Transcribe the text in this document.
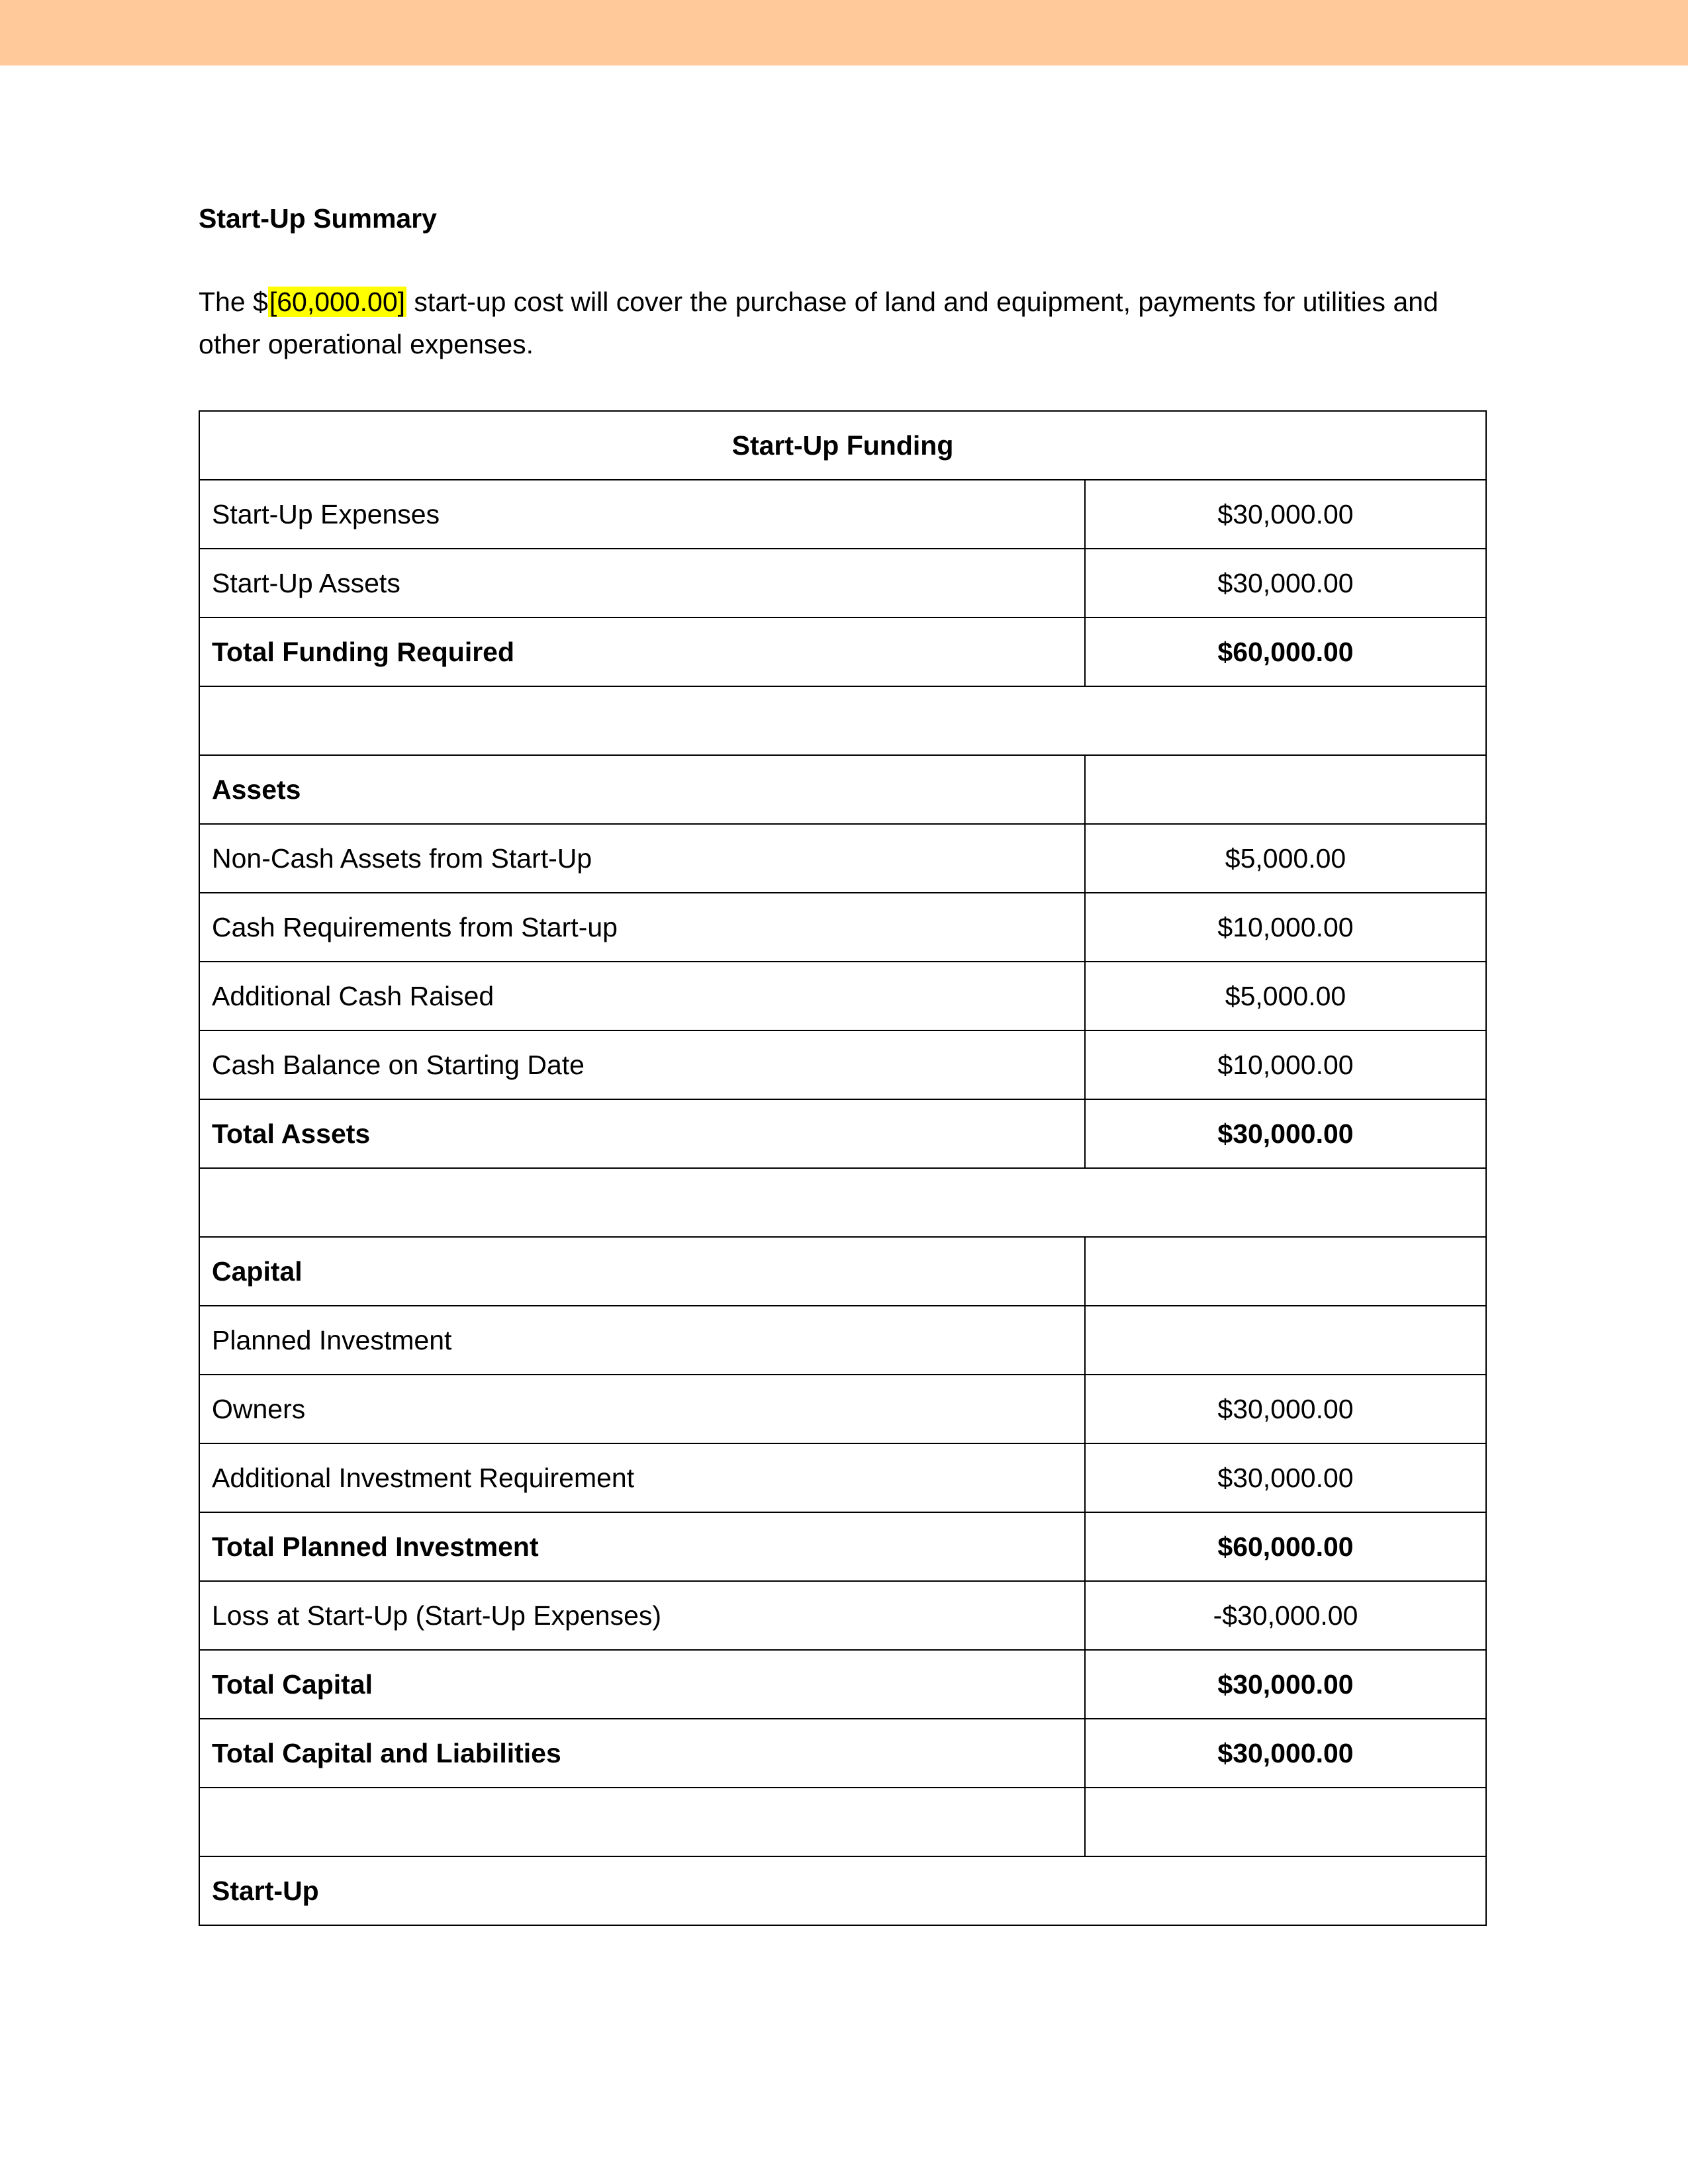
Start-Up Summary
The $[60,000.00] start-up cost will cover the purchase of land and equipment, payments for utilities and other operational expenses.
Start-Up Funding	
Start-Up Expenses	$30,000.00
Start-Up Assets	$30,000.00
Total Funding Required	$60,000.00

Assets	
Non-Cash Assets from Start-Up	$5,000.00
Cash Requirements from Start-up	$10,000.00
Additional Cash Raised	$5,000.00
Cash Balance on Starting Date	$10,000.00
Total Assets	$30,000.00

Capital	
Planned Investment	
Owners	$30,000.00
Additional Investment Requirement	$30,000.00
Total Planned Investment	$60,000.00
Loss at Start-Up (Start-Up Expenses)	-$30,000.00
Total Capital	$30,000.00
Total Capital and Liabilities	$30,000.00

Start-Up	
